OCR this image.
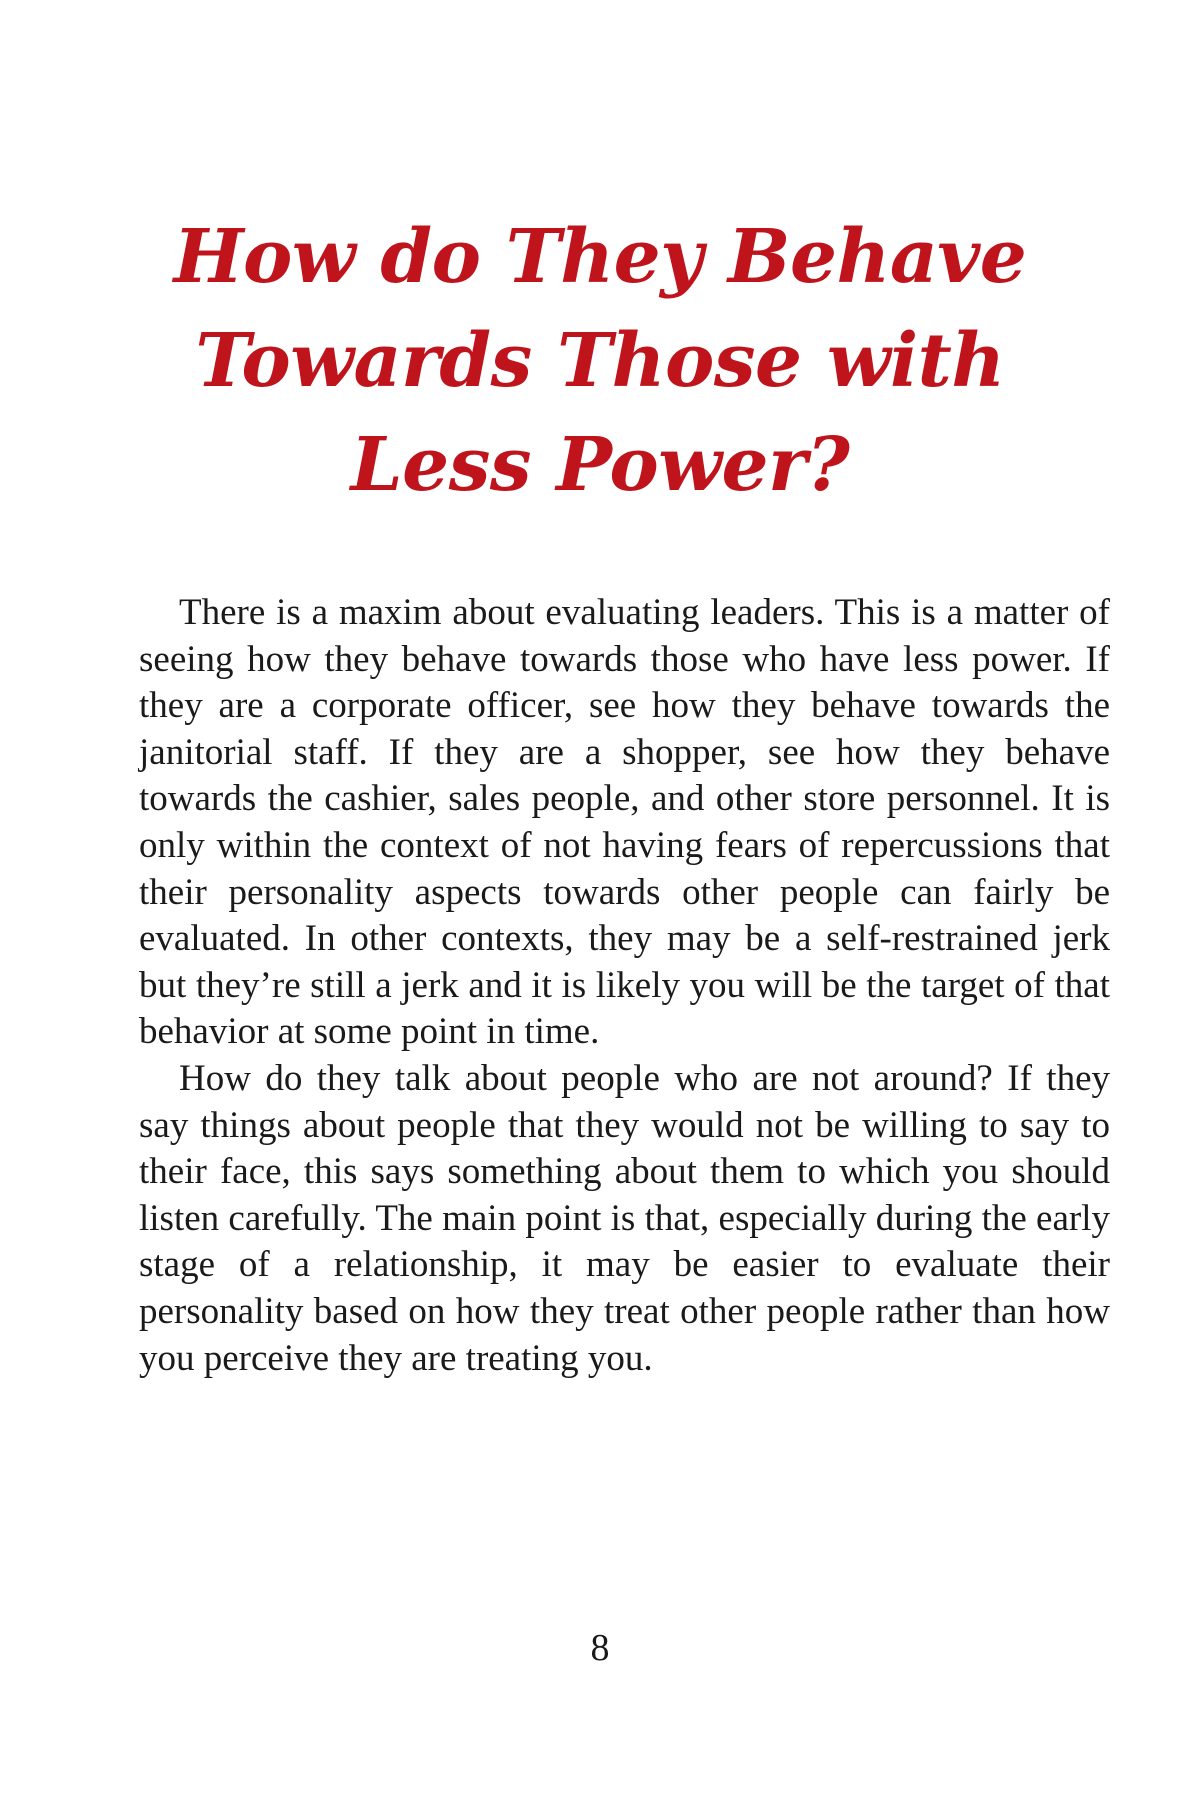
How do They Behave Towards Those with Less Power?

There is a maxim about evaluating leaders. This is a matter of seeing how they behave towards those who have less power. If they are a corporate officer, see how they behave towards the janitorial staff. If they are a shopper, see how they behave towards the cashier, sales people, and other store personnel. It is only within the context of not having fears of repercussions that their personality aspects towards other people can fairly be evaluated. In other contexts, they may be a self-restrained jerk but they’re still a jerk and it is likely you will be the target of that behavior at some point in time.

How do they talk about people who are not around? If they say things about people that they would not be willing to say to their face, this says something about them to which you should listen carefully. The main point is that, especially during the early stage of a relationship, it may be easier to evaluate their personality based on how they treat other people rather than how you perceive they are treating you.

8
